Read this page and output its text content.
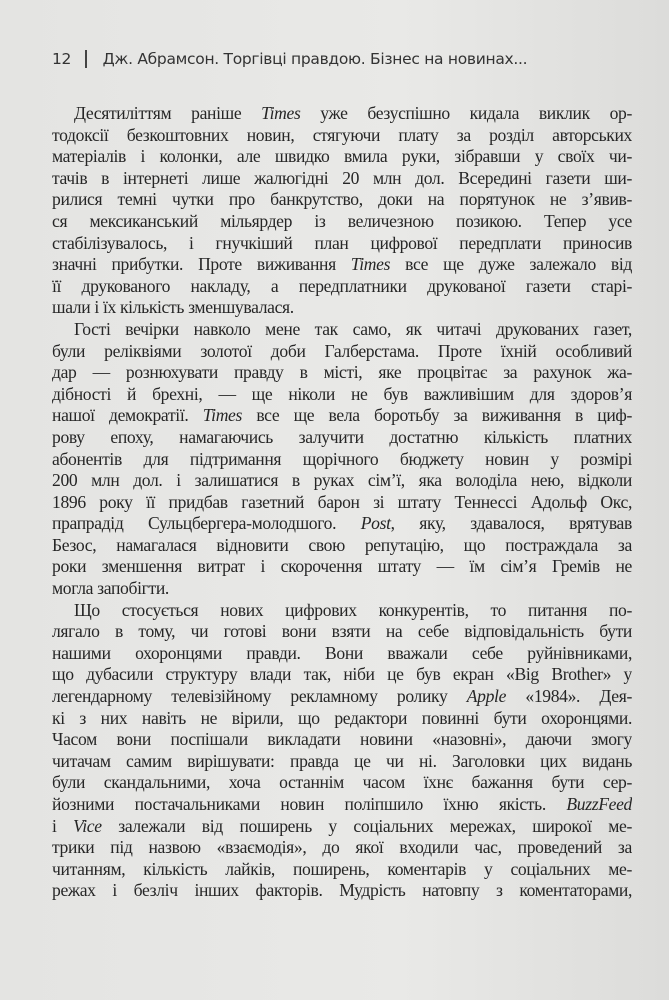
12 Дж. Абрамсон. Торгівці правдою. Бізнес на новинах...
Десятиліттям раніше Times уже безуспішно кидала виклик ор-
тодоксії безкоштовних новин, стягуючи плату за розділ авторських
матеріалів і колонки, але швидко вмила руки, зібравши у своїх чи-
тачів в інтернеті лише жалюгідні 20 млн дол. Всередині газети ши-
рилися темні чутки про банкрутство, доки на порятунок не з’явив-
ся мексиканський мільярдер із величезною позикою. Тепер усе
стабілізувалось, і гнучкіший план цифрової передплати приносив
значні прибутки. Проте виживання Times все ще дуже залежало від
її друкованого накладу, а передплатники друкованої газети старі-
шали і їх кількість зменшувалася.
Гості вечірки навколо мене так само, як читачі друкованих газет,
були реліквіями золотої доби Галберстама. Проте їхній особливий
дар — рознюхувати правду в місті, яке процвітає за рахунок жа-
дібності й брехні, — ще ніколи не був важливішим для здоров’я
нашої демократії. Times все ще вела боротьбу за виживання в циф-
рову епоху, намагаючись залучити достатню кількість платних
абонентів для підтримання щорічного бюджету новин у розмірі
200 млн дол. і залишатися в руках сім’ї, яка володіла нею, відколи
1896 року її придбав газетний барон зі штату Теннессі Адольф Окс,
прапрадід Сульцбергера-молодшого. Post, яку, здавалося, врятував
Безос, намагалася відновити свою репутацію, що постраждала за
роки зменшення витрат і скорочення штату — їм сім’я Гремів не
могла запобігти.
Що стосується нових цифрових конкурентів, то питання по-
лягало в тому, чи готові вони взяти на себе відповідальність бути
нашими охоронцями правди. Вони вважали себе руйнівниками,
що дубасили структуру влади так, ніби це був екран «Big Brother» у
легендарному телевізійному рекламному ролику Apple «1984». Дея-
кі з них навіть не вірили, що редактори повинні бути охоронцями.
Часом вони поспішали викладати новини «назовні», даючи змогу
читачам самим вирішувати: правда це чи ні. Заголовки цих видань
були скандальними, хоча останнім часом їхнє бажання бути сер-
йозними постачальниками новин поліпшило їхню якість. BuzzFeed
і Vice залежали від поширень у соціальних мережах, широкої ме-
трики під назвою «взаємодія», до якої входили час, проведений за
читанням, кількість лайків, поширень, коментарів у соціальних ме-
режах і безліч інших факторів. Мудрість натовпу з коментаторами,
